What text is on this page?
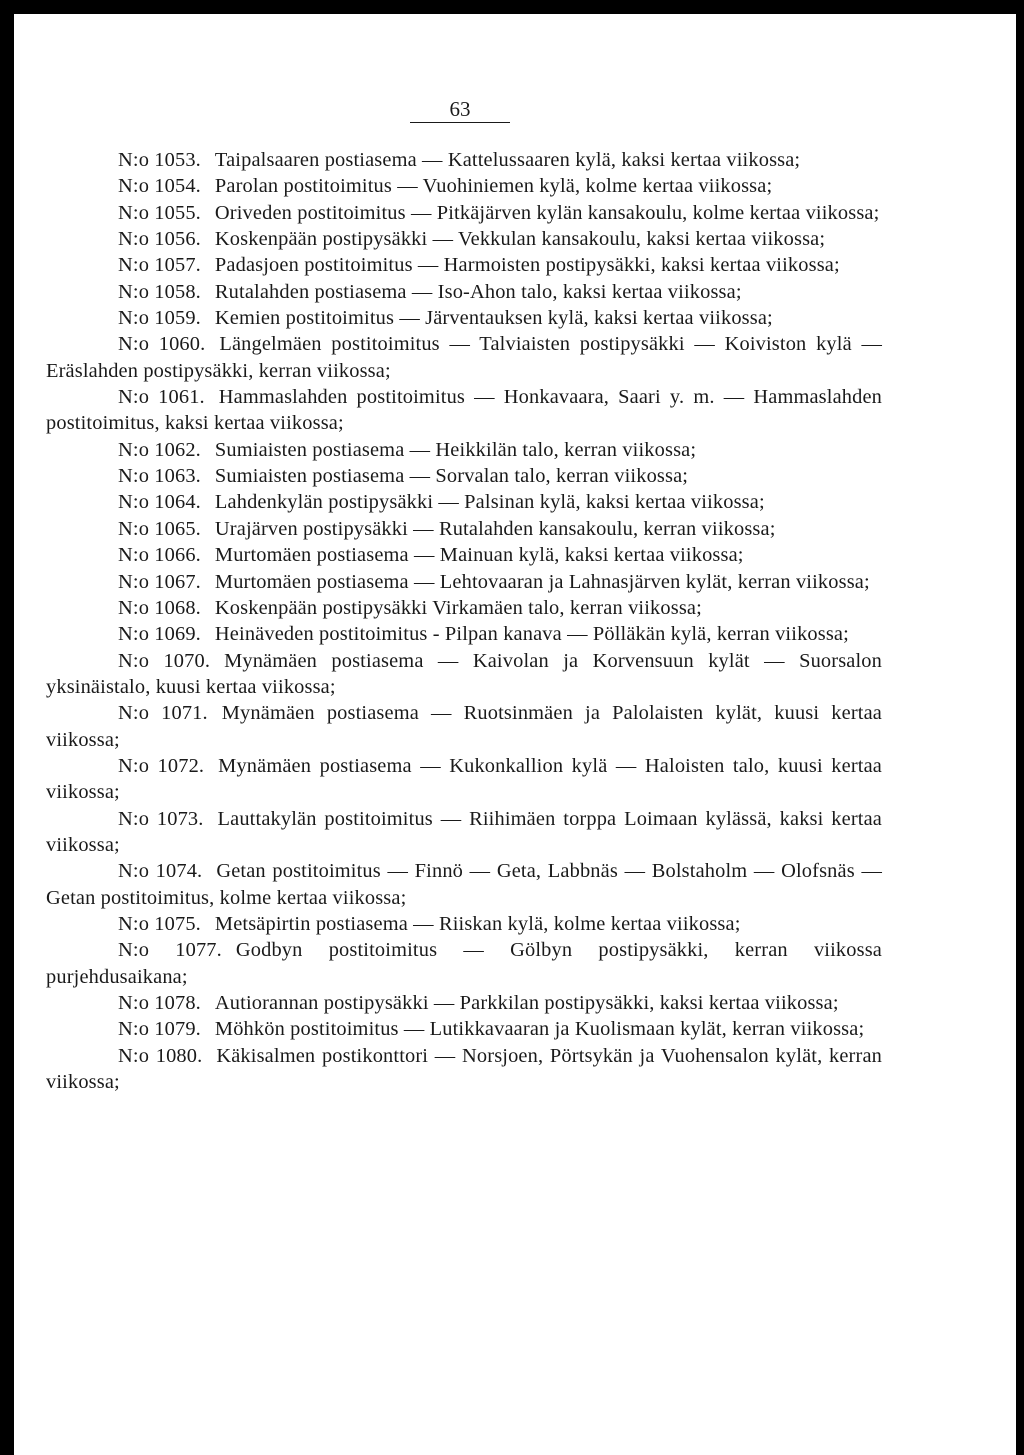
63

N:o 1053. Taipalsaaren postiasema — Kattelussaaren kylä, kaksi kertaa viikossa;

N:o 1054. Parolan postitoimitus — Vuohiniemen kylä, kolme kertaa viikossa;

N:o 1055. Oriveden postitoimitus — Pitkäjärven kylän kansakoulu, kolme kertaa viikossa;

N:o 1056. Koskenpään postipysäkki — Vekkulan kansakoulu, kaksi kertaa viikossa;

N:o 1057. Padasjoen postitoimitus — Harmoisten postipysäkki, kaksi kertaa viikossa;

N:o 1058. Rutalahden postiasema — Iso-Ahon talo, kaksi kertaa viikossa;

N:o 1059. Kemien postitoimitus — Järventauksen kylä, kaksi kertaa viikossa;

N:o 1060. Längelmäen postitoimitus — Talviaisten postipysäkki — Koiviston kylä — Eräslahden postipysäkki, kerran viikossa;

N:o 1061. Hammaslahden postitoimitus — Honkavaara, Saari y. m. — Hammaslahden postitoimitus, kaksi kertaa viikossa;

N:o 1062. Sumiaisten postiasema — Heikkilän talo, kerran viikossa;

N:o 1063. Sumiaisten postiasema — Sorvalan talo, kerran viikossa;

N:o 1064. Lahdenkylän postipysäkki — Palsinan kylä, kaksi kertaa viikossa;

N:o 1065. Urajärven postipysäkki — Rutalahden kansakoulu, kerran viikossa;

N:o 1066. Murtomäen postiasema — Mainuan kylä, kaksi kertaa viikossa;

N:o 1067. Murtomäen postiasema — Lehtovaaran ja Lahnasjärven kylät, kerran viikossa;

N:o 1068. Koskenpään postipysäkki Virkamäen talo, kerran viikossa;

N:o 1069. Heinäveden postitoimitus - Pilpan kanava — Pölläkän kylä, kerran viikossa;

N:o 1070. Mynämäen postiasema — Kaivolan ja Korvensuun kylät — Suorsalon yksinäistalo, kuusi kertaa viikossa;

N:o 1071. Mynämäen postiasema — Ruotsinmäen ja Palolaisten kylät, kuusi kertaa viikossa;

N:o 1072. Mynämäen postiasema — Kukonkallion kylä — Haloisten talo, kuusi kertaa viikossa;

N:o 1073. Lauttakylän postitoimitus — Riihimäen torppa Loimaan kylässä, kaksi kertaa viikossa;

N:o 1074. Getan postitoimitus — Finnö — Geta, Labbnäs — Bolstaholm — Olofsnäs — Getan postitoimitus, kolme kertaa viikossa;

N:o 1075. Metsäpirtin postiasema — Riiskan kylä, kolme kertaa viikossa;

N:o 1077. Godbyn postitoimitus — Gölbyn postipysäkki, kerran viikossa purjehdusaikana;

N:o 1078. Autiorannan postipysäkki — Parkkilan postipysäkki, kaksi kertaa viikossa;

N:o 1079. Möhkön postitoimitus — Lutikkavaaran ja Kuolismaan kylät, kerran viikossa;

N:o 1080. Käkisalmen postikonttori — Norsjoen, Pörtsykän ja Vuohensalon kylät, kerran viikossa;
